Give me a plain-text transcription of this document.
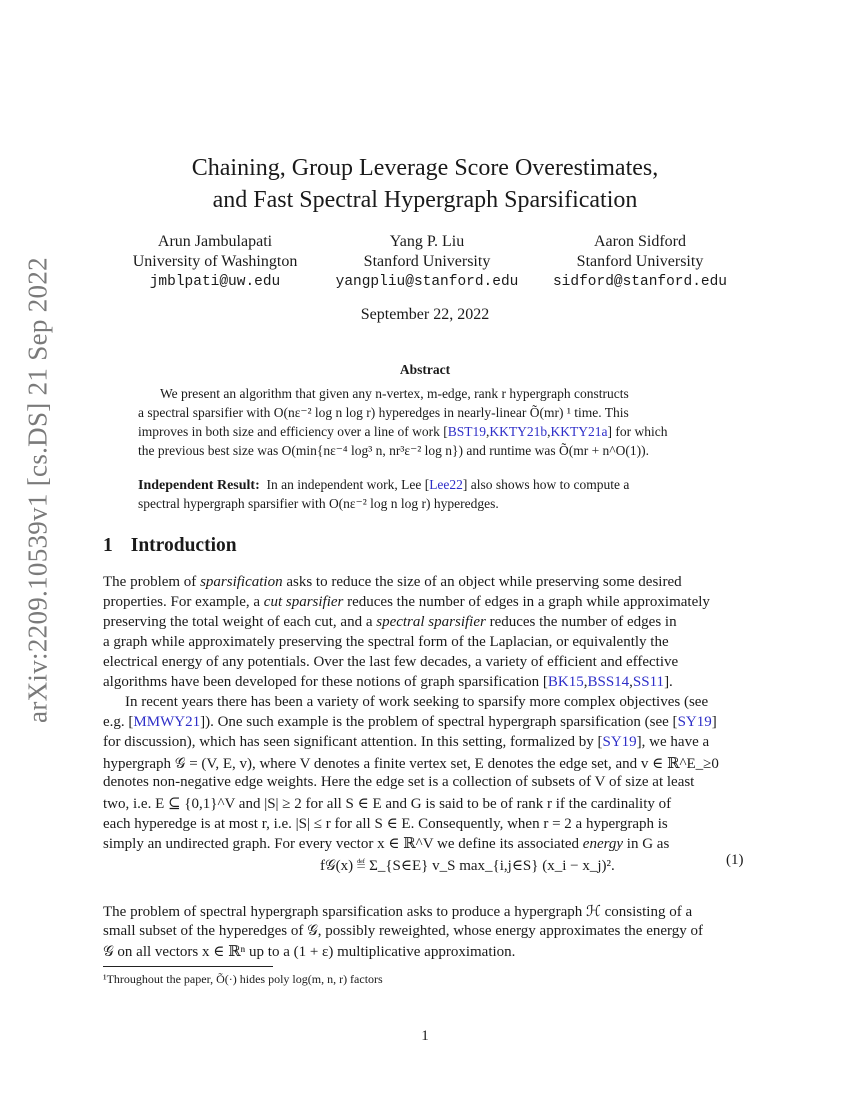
arXiv:2209.10539v1 [cs.DS] 21 Sep 2022
Chaining, Group Leverage Score Overestimates,
and Fast Spectral Hypergraph Sparsification
Arun Jambulapati
University of Washington
jmblpati@uw.edu
Yang P. Liu
Stanford University
yangpliu@stanford.edu
Aaron Sidford
Stanford University
sidford@stanford.edu
September 22, 2022
Abstract
We present an algorithm that given any n-vertex, m-edge, rank r hypergraph constructs
a spectral sparsifier with O(nε⁻² log n log r) hyperedges in nearly-linear Õ(mr) ¹ time. This
improves in both size and efficiency over a line of work [BST19,KKTY21b,KKTY21a] for which
the previous best size was O(min{nε⁻⁴ log³ n, nr³ε⁻² log n}) and runtime was Õ(mr + n^O(1)).
Independent Result: In an independent work, Lee [Lee22] also shows how to compute a
spectral hypergraph sparsifier with O(nε⁻² log n log r) hyperedges.
1 Introduction
The problem of sparsification asks to reduce the size of an object while preserving some desired
properties. For example, a cut sparsifier reduces the number of edges in a graph while approximately
preserving the total weight of each cut, and a spectral sparsifier reduces the number of edges in
a graph while approximately preserving the spectral form of the Laplacian, or equivalently the
electrical energy of any potentials. Over the last few decades, a variety of efficient and effective
algorithms have been developed for these notions of graph sparsification [BK15,BSS14,SS11].
In recent years there has been a variety of work seeking to sparsify more complex objectives (see
e.g. [MMWY21]). One such example is the problem of spectral hypergraph sparsification (see [SY19]
for discussion), which has seen significant attention. In this setting, formalized by [SY19], we have a
hypergraph 𝒢 = (V, E, v), where V denotes a finite vertex set, E denotes the edge set, and v ∈ ℝ^E_≥0
denotes non-negative edge weights. Here the edge set is a collection of subsets of V of size at least
two, i.e. E ⊆ {0,1}^V and |S| ≥ 2 for all S ∈ E and G is said to be of rank r if the cardinality of
each hyperedge is at most r, i.e. |S| ≤ r for all S ∈ E. Consequently, when r = 2 a hypergraph is
simply an undirected graph. For every vector x ∈ ℝ^V we define its associated energy in G as
f𝒢(x) ≝ Σ_{S∈E} v_S max_{i,j∈S} (x_i − x_j)².	(1)
The problem of spectral hypergraph sparsification asks to produce a hypergraph ℋ consisting of a
small subset of the hyperedges of 𝒢, possibly reweighted, whose energy approximates the energy of
𝒢 on all vectors x ∈ ℝⁿ up to a (1 + ε) multiplicative approximation.
¹Throughout the paper, Õ(·) hides poly log(m, n, r) factors
1
